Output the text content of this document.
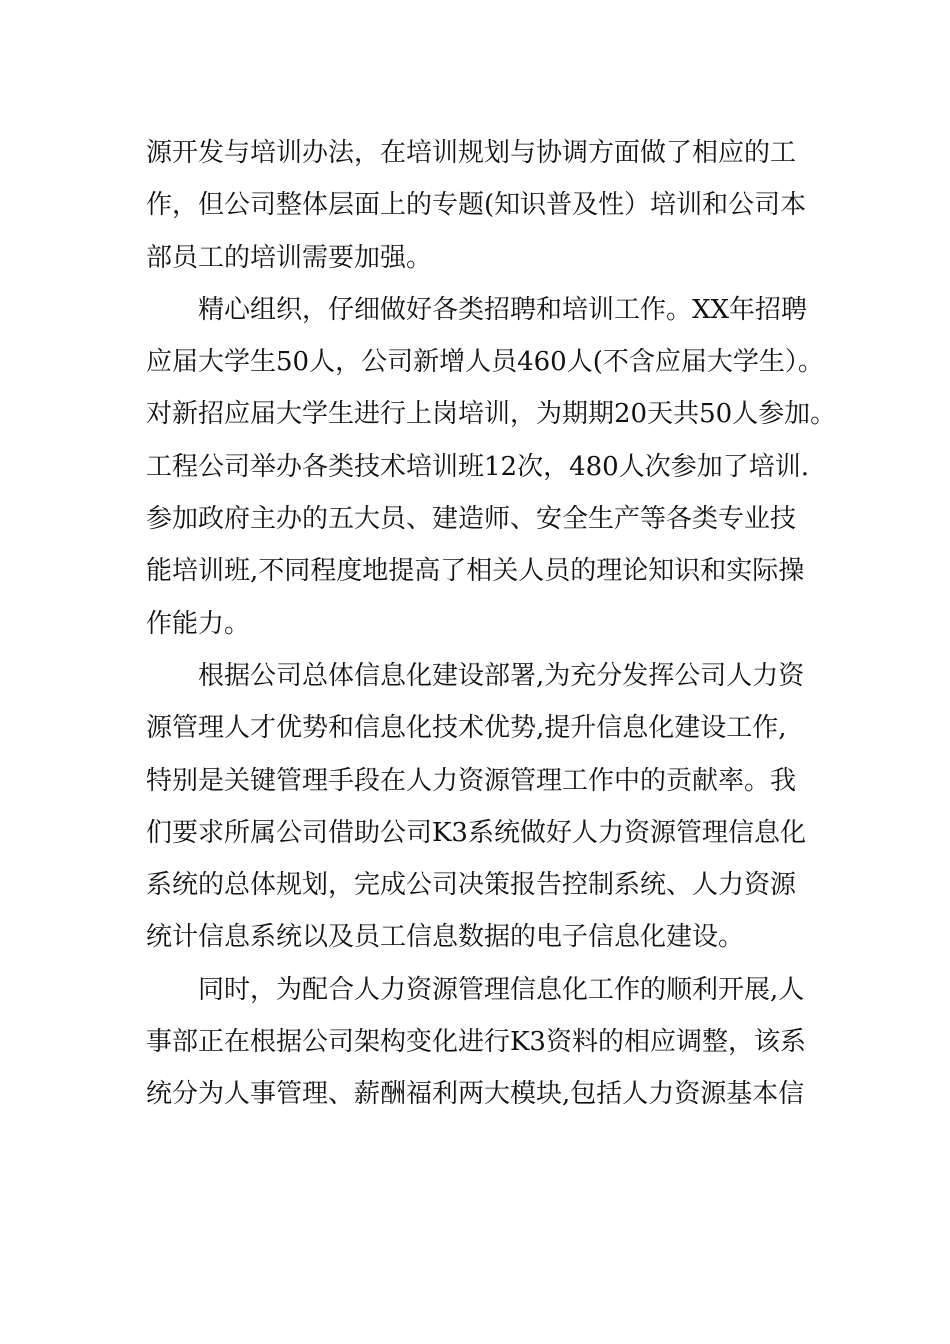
源开发与培训办法，在培训规划与协调方面做了相应的工
作，但公司整体层面上的专题(知识普及性）培训和公司本
部员工的培训需要加强。
精心组织，仔细做好各类招聘和培训工作。XX年招聘
应届大学生50人，公司新增人员460人(不含应届大学生）。
对新招应届大学生进行上岗培训，为期期20天共50人参加。
工程公司举办各类技术培训班12次，480人次参加了培训.
参加政府主办的五大员、建造师、安全生产等各类专业技
能培训班,不同程度地提高了相关人员的理论知识和实际操
作能力。
根据公司总体信息化建设部署,为充分发挥公司人力资
源管理人才优势和信息化技术优势,提升信息化建设工作,
特别是关键管理手段在人力资源管理工作中的贡献率。我
们要求所属公司借助公司K3系统做好人力资源管理信息化
系统的总体规划，完成公司决策报告控制系统、人力资源
统计信息系统以及员工信息数据的电子信息化建设。
同时，为配合人力资源管理信息化工作的顺利开展,人
事部正在根据公司架构变化进行K3资料的相应调整，该系
统分为人事管理、薪酬福利两大模块,包括人力资源基本信
